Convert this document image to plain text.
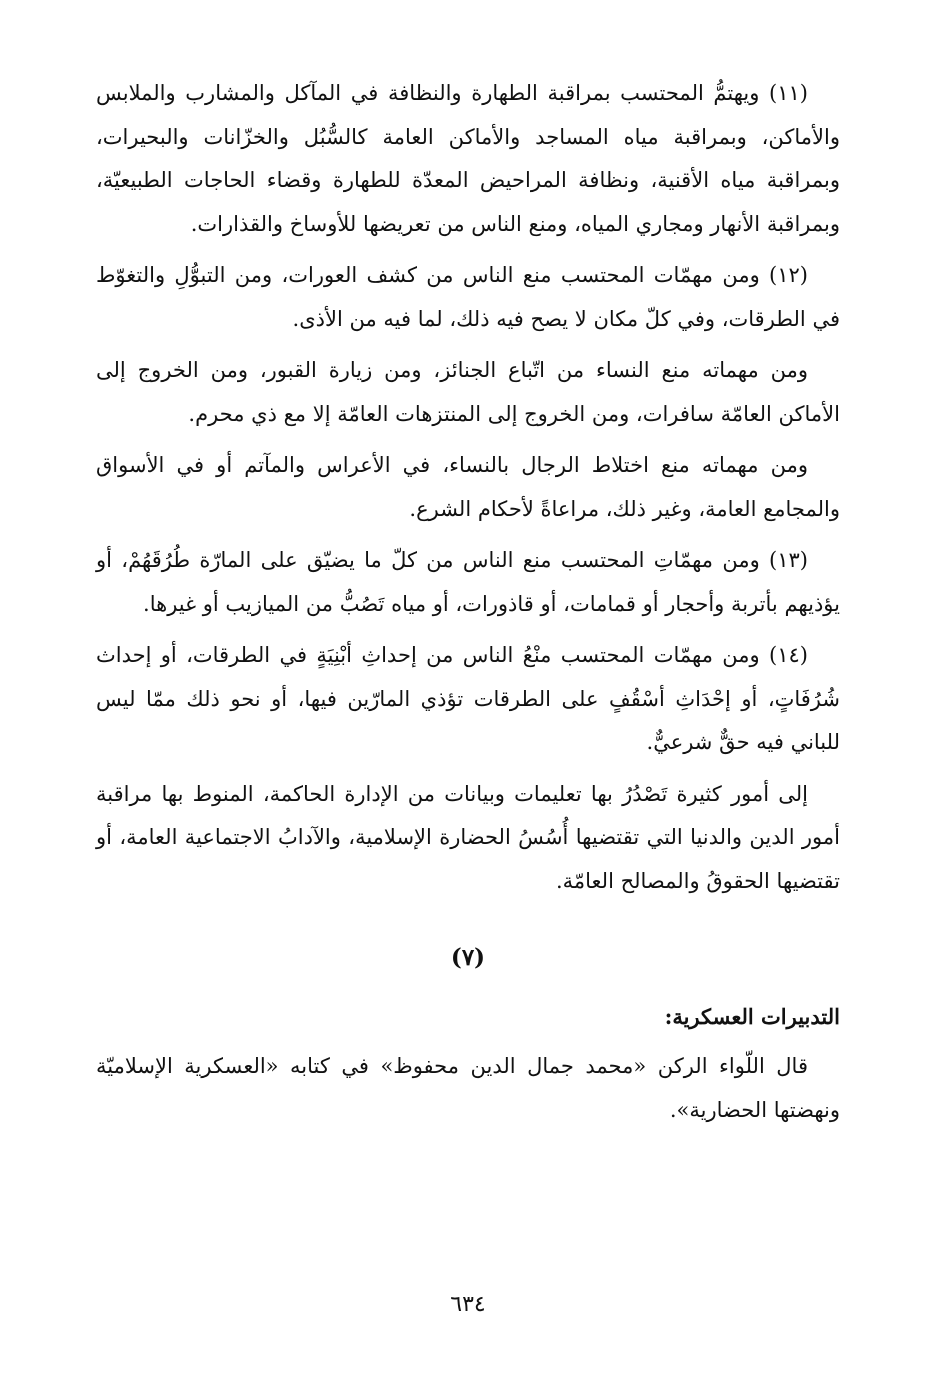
(١١) ويهتمُّ المحتسب بمراقبة الطهارة والنظافة في المآكل والمشارب والملابس والأماكن، وبمراقبة مياه المساجد والأماكن العامة كالسُّبُل والخزّانات والبحيرات، وبمراقبة مياه الأقنية، ونظافة المراحيض المعدّة للطهارة وقضاء الحاجات الطبيعيّة، وبمراقبة الأنهار ومجاري المياه، ومنع الناس من تعريضها للأوساخ والقذارات.

(١٢) ومن مهمّات المحتسب منع الناس من كشف العورات، ومن التبوُّلِ والتغوّط في الطرقات، وفي كلّ مكان لا يصح فيه ذلك، لما فيه من الأذى.

ومن مهماته منع النساء من اتّباع الجنائز، ومن زيارة القبور، ومن الخروج إلى الأماكن العامّة سافرات، ومن الخروج إلى المنتزهات العامّة إلا مع ذي محرم.

ومن مهماته منع اختلاط الرجال بالنساء، في الأعراس والمآتم أو في الأسواق والمجامع العامة، وغير ذلك، مراعاةً لأحكام الشرع.

(١٣) ومن مهمّاتِ المحتسب منع الناس من كلّ ما يضيّق على المارّة طُرُقَهُمْ، أو يؤذيهم بأتربة وأحجار أو قمامات، أو قاذورات، أو مياه تَصُبُّ من الميازيب أو غيرها.

(١٤) ومن مهمّات المحتسب منْعُ الناس من إحداثِ أبْنِيَةٍ في الطرقات، أو إحداث شُرُفَاتٍ، أو إحْدَاثِ أسْقُفٍ على الطرقات تؤذي المارّين فيها، أو نحو ذلك ممّا ليس للباني فيه حقٌّ شرعيٌّ.

إلى أمور كثيرة تَصْدُرُ بها تعليمات وبيانات من الإدارة الحاكمة، المنوط بها مراقبة أمور الدين والدنيا التي تقتضيها أُسُسُ الحضارة الإسلامية، والآدابُ الاجتماعية العامة، أو تقتضيها الحقوقُ والمصالح العامّة.

(٧)
التدبيرات العسكرية:

قال اللّواء الركن «محمد جمال الدين محفوظ» في كتابه «العسكرية الإسلاميّة ونهضتها الحضارية».

٦٣٤
